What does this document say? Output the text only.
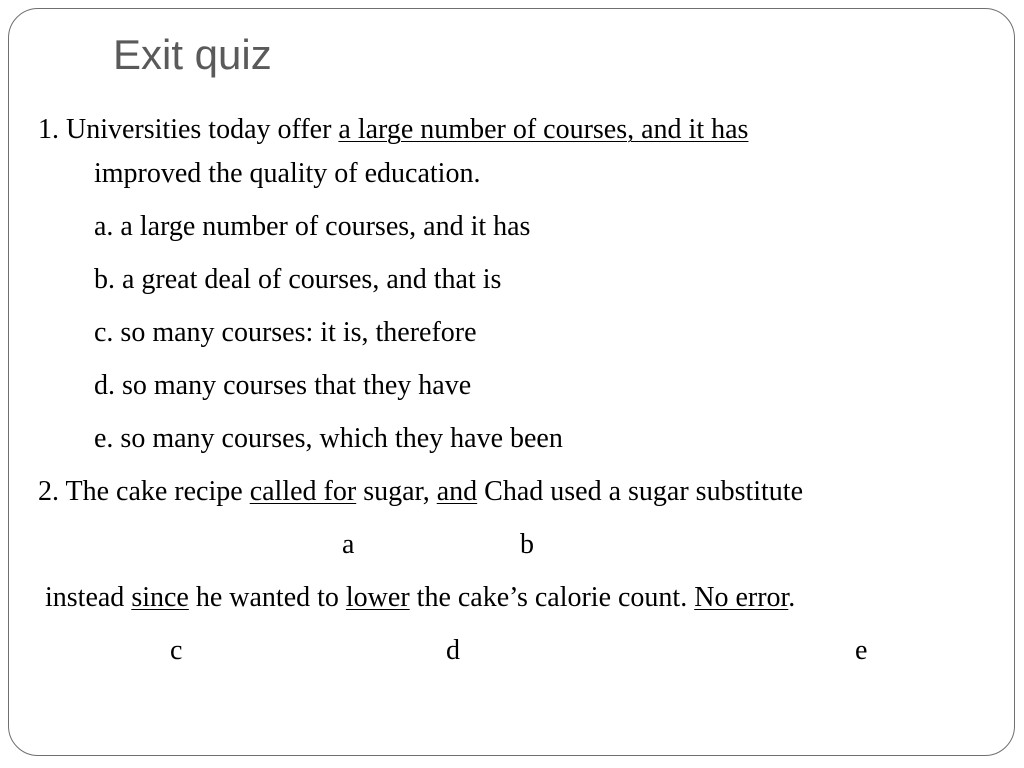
Exit quiz
1. Universities today offer a large number of courses, and it has
improved the quality of education.
a. a large number of courses, and it has
b. a great deal of courses, and that is
c. so many courses: it is, therefore
d. so many courses that they have
e. so many courses, which they have been
2. The cake recipe called for sugar, and Chad used a sugar substitute
a	b
instead since he wanted to lower the cake’s calorie count. No error.
c	d	e
